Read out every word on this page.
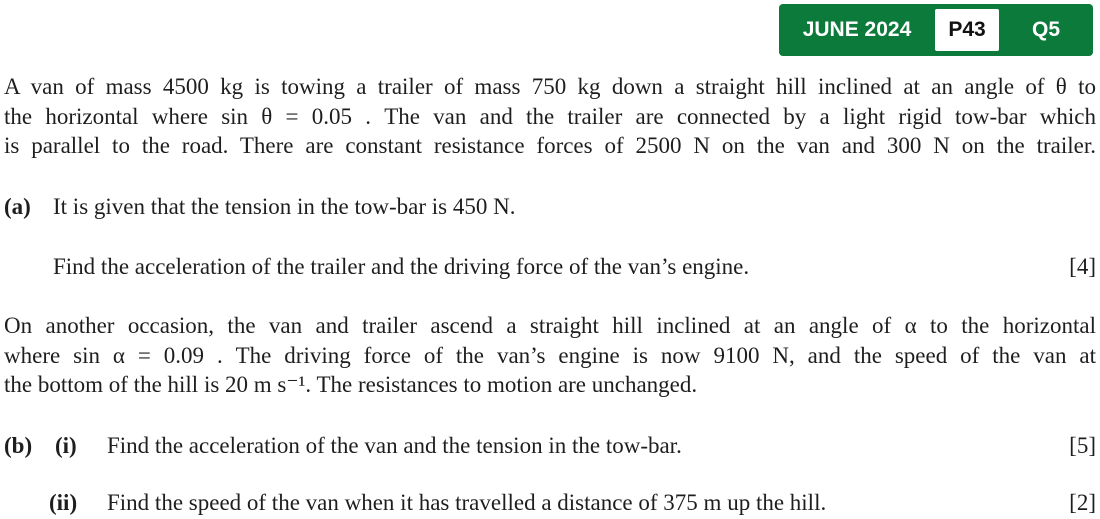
JUNE 2024	P43	Q5
A van of mass 4500 kg is towing a trailer of mass 750 kg down a straight hill inclined at an angle of θ to
the horizontal where sin θ = 0.05 . The van and the trailer are connected by a light rigid tow-bar which
is parallel to the road. There are constant resistance forces of 2500 N on the van and 300 N on the trailer.
(a) It is given that the tension in the tow-bar is 450 N.
Find the acceleration of the trailer and the driving force of the van’s engine.	[4]
On another occasion, the van and trailer ascend a straight hill inclined at an angle of α to the horizontal
where sin α = 0.09 . The driving force of the van’s engine is now 9100 N, and the speed of the van at
the bottom of the hill is 20 m s⁻¹. The resistances to motion are unchanged.
(b) (i) Find the acceleration of the van and the tension in the tow-bar.	[5]
(ii) Find the speed of the van when it has travelled a distance of 375 m up the hill.	[2]
